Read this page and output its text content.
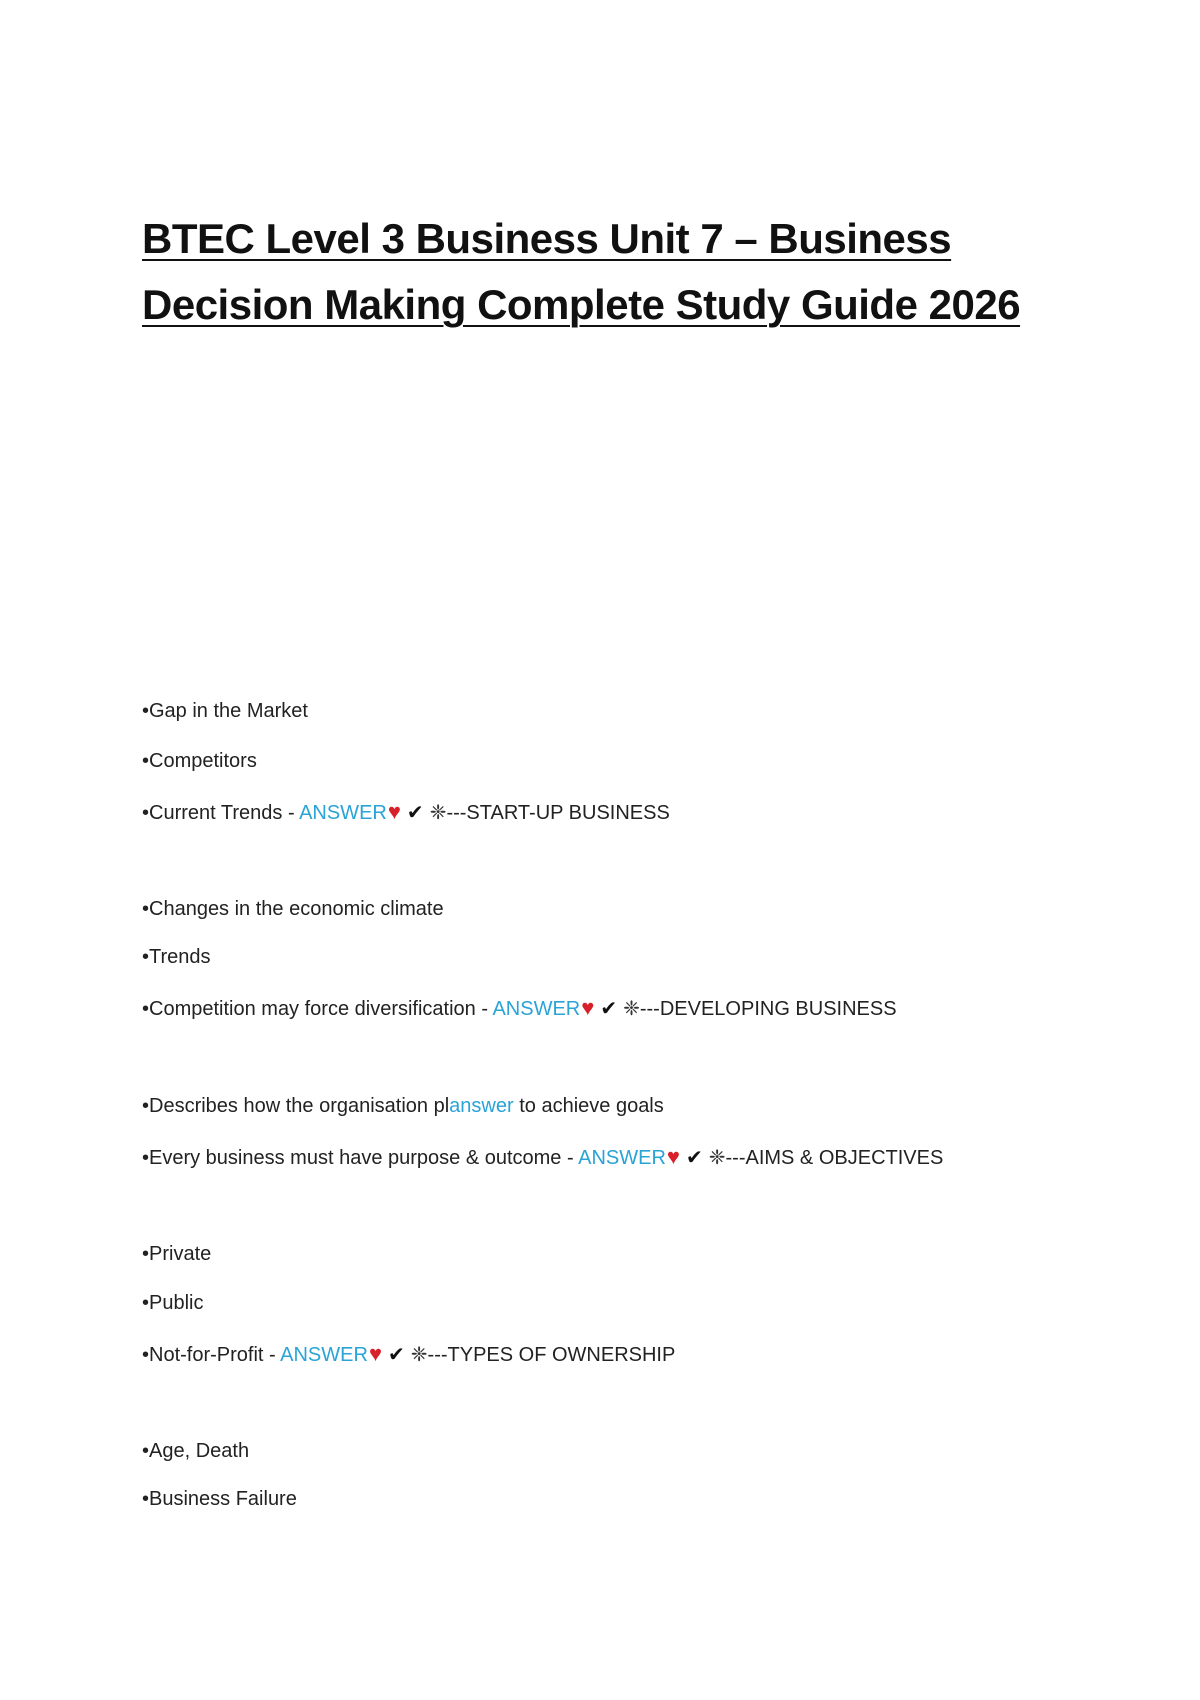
BTEC Level 3 Business Unit 7 – Business
Decision Making Complete Study Guide 2026

•Gap in the Market

•Competitors

•Current Trends - ANSWER♥ ✔ ❈---START-UP BUSINESS

•Changes in the economic climate

•Trends

•Competition may force diversification - ANSWER♥ ✔ ❈---DEVELOPING BUSINESS

•Describes how the organisation planswer to achieve goals

•Every business must have purpose & outcome - ANSWER♥ ✔ ❈---AIMS & OBJECTIVES

•Private

•Public

•Not-for-Profit - ANSWER♥ ✔ ❈---TYPES OF OWNERSHIP

•Age, Death

•Business Failure
